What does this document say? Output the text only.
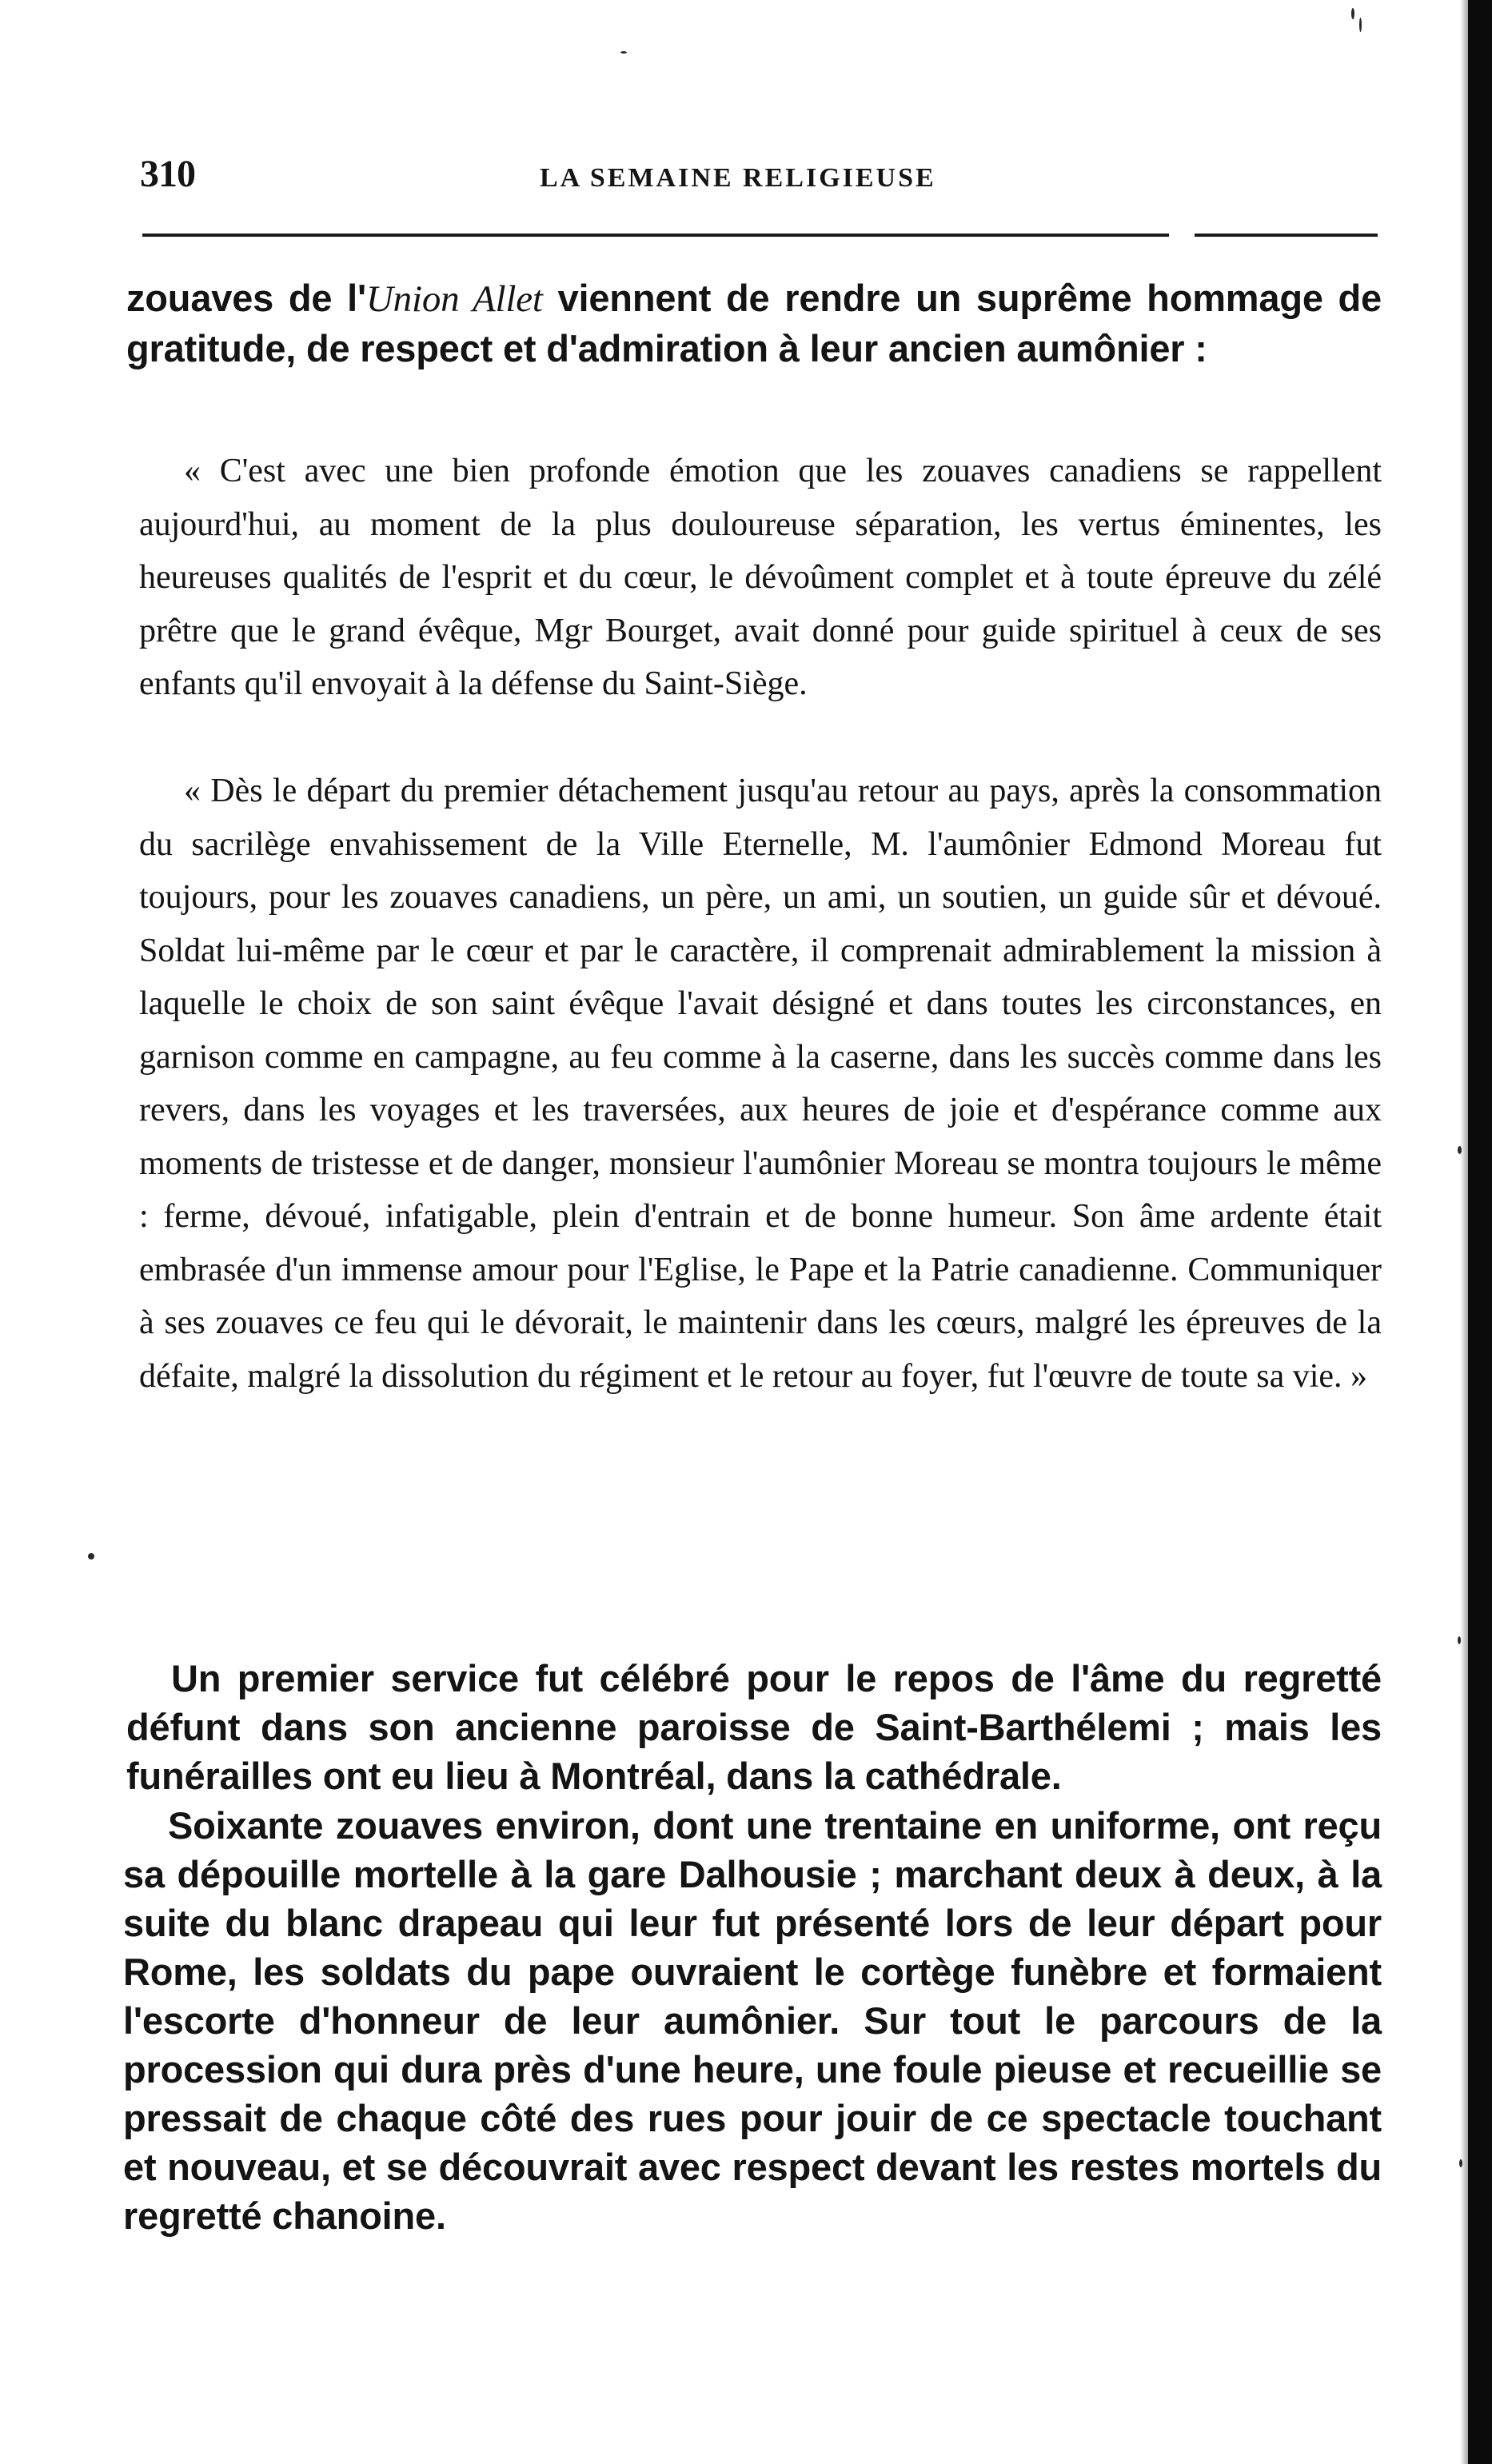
310	LA SEMAINE RELIGIEUSE

zouaves de l'Union Allet viennent de rendre un suprême hommage de gratitude, de respect et d'admiration à leur ancien aumônier :

« C'est avec une bien profonde émotion que les zouaves canadiens se rappellent aujourd'hui, au moment de la plus douloureuse séparation, les vertus éminentes, les heureuses qualités de l'esprit et du cœur, le dévoûment complet et à toute épreuve du zélé prêtre que le grand évêque, Mgr Bourget, avait donné pour guide spirituel à ceux de ses enfants qu'il envoyait à la défense du Saint-Siège.

« Dès le départ du premier détachement jusqu'au retour au pays, après la consommation du sacrilège envahissement de la Ville Eternelle, M. l'aumônier Edmond Moreau fut toujours, pour les zouaves canadiens, un père, un ami, un soutien, un guide sûr et dévoué. Soldat lui-même par le cœur et par le caractère, il comprenait admirablement la mission à laquelle le choix de son saint évêque l'avait désigné et dans toutes les circonstances, en garnison comme en campagne, au feu comme à la caserne, dans les succès comme dans les revers, dans les voyages et les traversées, aux heures de joie et d'espérance comme aux moments de tristesse et de danger, monsieur l'aumônier Moreau se montra toujours le même : ferme, dévoué, infatigable, plein d'entrain et de bonne humeur. Son âme ardente était embrasée d'un immense amour pour l'Eglise, le Pape et la Patrie canadienne. Communiquer à ses zouaves ce feu qui le dévorait, le maintenir dans les cœurs, malgré les épreuves de la défaite, malgré la dissolution du régiment et le retour au foyer, fut l'œuvre de toute sa vie. »

Un premier service fut célébré pour le repos de l'âme du regretté défunt dans son ancienne paroisse de Saint-Barthélemi ; mais les funérailles ont eu lieu à Montréal, dans la cathédrale.

Soixante zouaves environ, dont une trentaine en uniforme, ont reçu sa dépouille mortelle à la gare Dalhousie ; marchant deux à deux, à la suite du blanc drapeau qui leur fut présenté lors de leur départ pour Rome, les soldats du pape ouvraient le cortège funèbre et formaient l'escorte d'honneur de leur aumônier. Sur tout le parcours de la procession qui dura près d'une heure, une foule pieuse et recueillie se pressait de chaque côté des rues pour jouir de ce spectacle touchant et nouveau, et se découvrait avec respect devant les restes mortels du regretté chanoine.
